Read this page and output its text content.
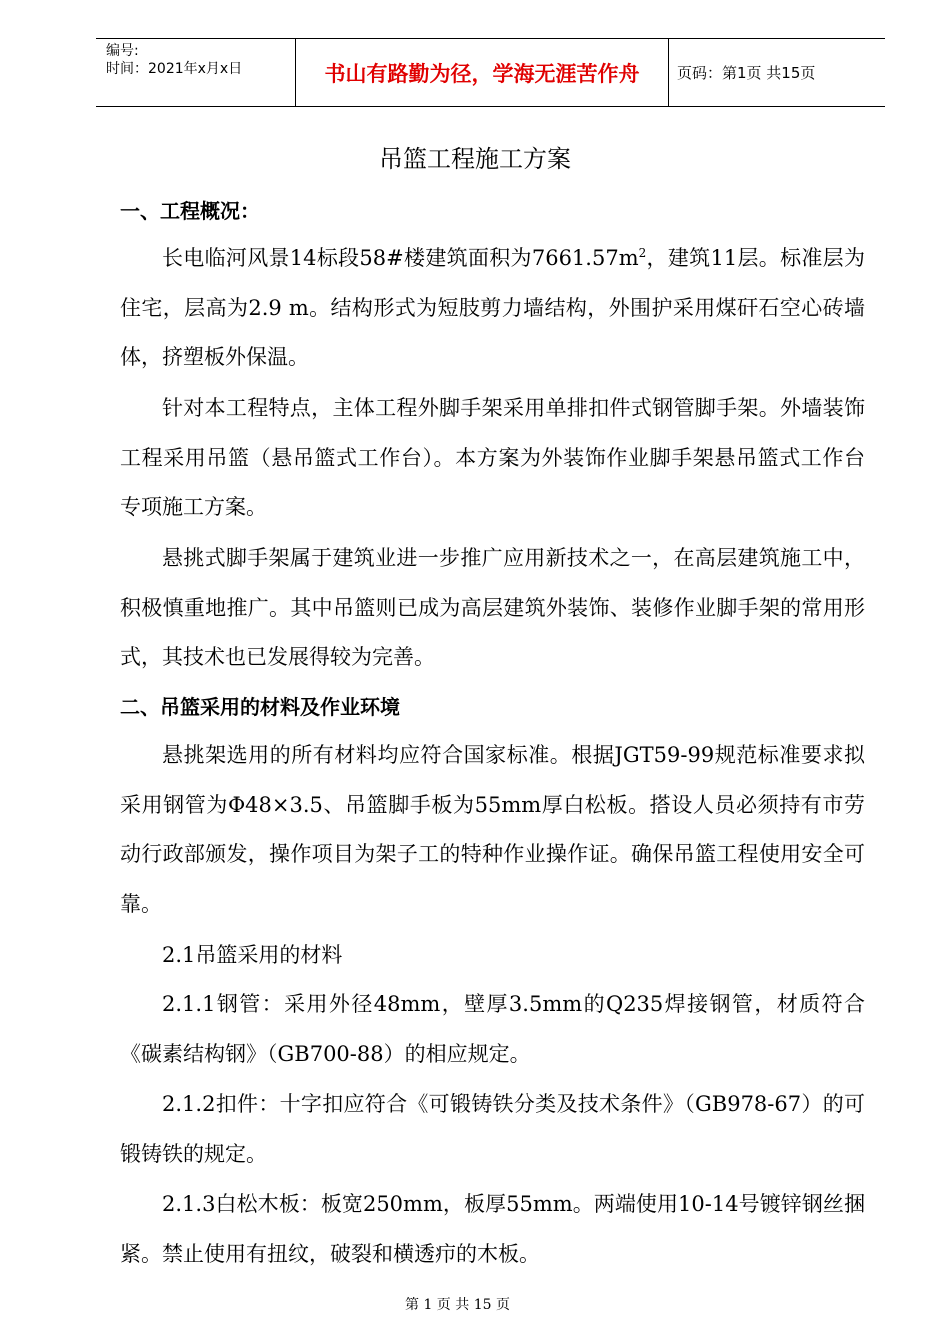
编号:
时间：2021年x月x日	书山有路勤为径，学海无涯苦作舟	页码：第1页 共15页
吊篮工程施工方案
一、工程概况：
长电临河风景14标段58#楼建筑面积为$7661.57m^2$，建筑11层。标准层为住宅，层高为2.9 m。结构形式为短肢剪力墙结构，外围护采用煤矸石空心砖墙体，挤塑板外保温。
针对本工程特点，主体工程外脚手架采用单排扣件式钢管脚手架。外墙装饰工程采用吊篮（悬吊篮式工作台）。本方案为外装饰作业脚手架悬吊篮式工作台专项施工方案。
悬挑式脚手架属于建筑业进一步推广应用新技术之一，在高层建筑施工中，积极慎重地推广。其中吊篮则已成为高层建筑外装饰、装修作业脚手架的常用形式，其技术也已发展得较为完善。
二、吊篮采用的材料及作业环境
悬挑架选用的所有材料均应符合国家标准。根据JGT59-99规范标准要求拟采用钢管为Φ48×3.5、吊篮脚手板为55mm厚白松板。搭设人员必须持有市劳动行政部颁发，操作项目为架子工的特种作业操作证。确保吊篮工程使用安全可靠。
2.1吊篮采用的材料
2.1.1钢管：采用外径48mm，壁厚3.5mm的Q235焊接钢管，材质符合《碳素结构钢》（GB700-88）的相应规定。
2.1.2扣件：十字扣应符合《可锻铸铁分类及技术条件》（GB978-67）的可锻铸铁的规定。
2.1.3白松木板：板宽250mm，板厚55mm。两端使用10-14号镀锌钢丝捆紧。禁止使用有扭纹，破裂和横透疖的木板。
第 1 页 共 15 页
